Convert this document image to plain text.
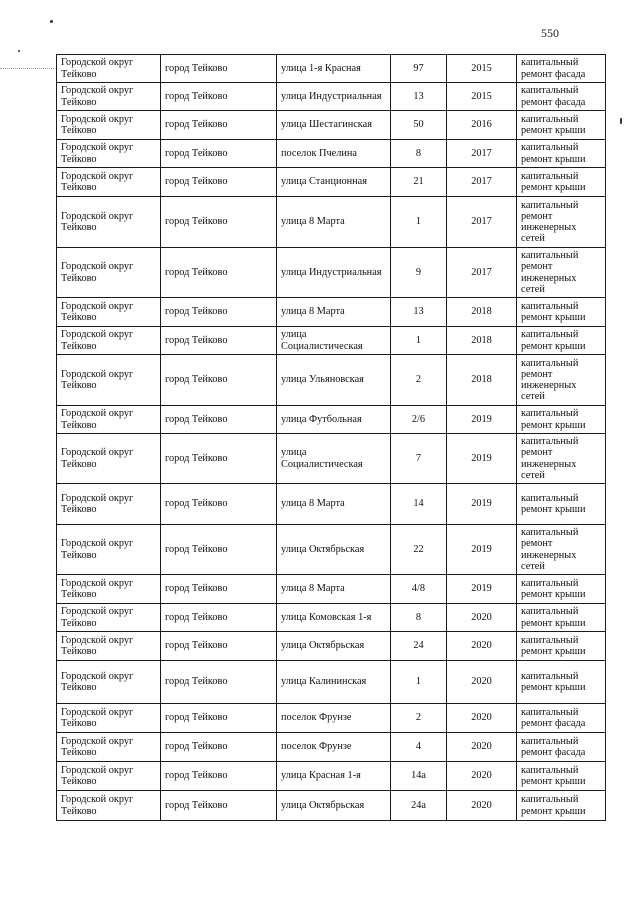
550
Городской округ Тейково	город Тейково	улица 1-я Красная	97	2015	капитальный ремонт фасада
Городской округ Тейково	город Тейково	улица Индустриальная	13	2015	капитальный ремонт фасада
Городской округ Тейково	город Тейково	улица Шестагинская	50	2016	капитальный ремонт крыши
Городской округ Тейково	город Тейково	поселок Пчелина	8	2017	капитальный ремонт крыши
Городской округ Тейково	город Тейково	улица Станционная	21	2017	капитальный ремонт крыши
Городской округ Тейково	город Тейково	улица 8 Марта	1	2017	капитальный ремонт инженерных сетей
Городской округ Тейково	город Тейково	улица Индустриальная	9	2017	капитальный ремонт инженерных сетей
Городской округ Тейково	город Тейково	улица 8 Марта	13	2018	капитальный ремонт крыши
Городской округ Тейково	город Тейково	улица Социалистическая	1	2018	капитальный ремонт крыши
Городской округ Тейково	город Тейково	улица Ульяновская	2	2018	капитальный ремонт инженерных сетей
Городской округ Тейково	город Тейково	улица Футбольная	2/6	2019	капитальный ремонт крыши
Городской округ Тейково	город Тейково	улица Социалистическая	7	2019	капитальный ремонт инженерных сетей
Городской округ Тейково	город Тейково	улица 8 Марта	14	2019	капитальный ремонт крыши
Городской округ Тейково	город Тейково	улица Октябрьская	22	2019	капитальный ремонт инженерных сетей
Городской округ Тейково	город Тейково	улица 8 Марта	4/8	2019	капитальный ремонт крыши
Городской округ Тейково	город Тейково	улица Комовская 1-я	8	2020	капитальный ремонт крыши
Городской округ Тейково	город Тейково	улица Октябрьская	24	2020	капитальный ремонт крыши
Городской округ Тейково	город Тейково	улица Калининская	1	2020	капитальный ремонт крыши
Городской округ Тейково	город Тейково	поселок Фрунзе	2	2020	капитальный ремонт фасада
Городской округ Тейково	город Тейково	поселок Фрунзе	4	2020	капитальный ремонт фасада
Городской округ Тейково	город Тейково	улица Красная 1-я	14а	2020	капитальный ремонт крыши
Городской округ Тейково	город Тейково	улица Октябрьская	24а	2020	капитальный ремонт крыши
